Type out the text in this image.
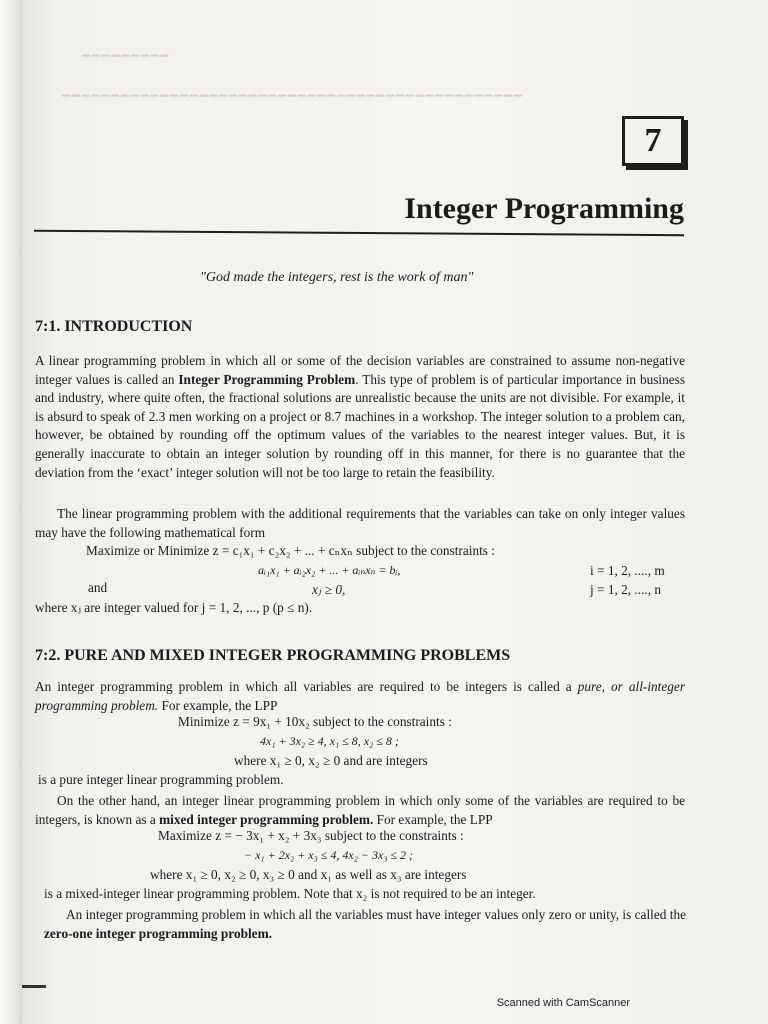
━━━━━━━━━
━━━━━━━━━━━━━━━━━━━━━━━━━━━━━━━━━━━━━━━━━━━━━━━
7
Integer Programming
"God made the integers, rest is the work of man"
7:1. INTRODUCTION

A linear programming problem in which all or some of the decision variables are constrained to assume non-negative integer values is called an Integer Programming Problem. This type of problem is of particular importance in business and industry, where quite often, the fractional solutions are unrealistic because the units are not divisible. For example, it is absurd to speak of 2.3 men working on a project or 8.7 machines in a workshop. The integer solution to a problem can, however, be obtained by rounding off the optimum values of the variables to the nearest integer values. But, it is generally inaccurate to obtain an integer solution by rounding off in this manner, for there is no guarantee that the deviation from the ‘exact’ integer solution will not be too large to retain the feasibility.

The linear programming problem with the additional requirements that the variables can take on only integer values may have the following mathematical form

Maximize or Minimize z = c₁x₁ + c₂x₂ + ... + cₙxₙ subject to the constraints :
aᵢ₁x₁ + aᵢ₂x₂ + ... + aᵢₙxₙ = bᵢ,	i = 1, 2, ...., m
and	xⱼ ≥ 0,	j = 1, 2, ...., n
where xⱼ are integer valued for j = 1, 2, ..., p (p ≤ n).
7:2. PURE AND MIXED INTEGER PROGRAMMING PROBLEMS

An integer programming problem in which all variables are required to be integers is called a pure, or all-integer programming problem. For example, the LPP

Minimize z = 9x₁ + 10x₂ subject to the constraints :
4x₁ + 3x₂ ≥ 4, x₁ ≤ 8, x₂ ≤ 8 ;
where x₁ ≥ 0, x₂ ≥ 0 and are integers
is a pure integer linear programming problem.

On the other hand, an integer linear programming problem in which only some of the variables are required to be integers, is known as a mixed integer programming problem. For example, the LPP

Maximize z = − 3x₁ + x₂ + 3x₃ subject to the constraints :
− x₁ + 2x₂ + x₃ ≤ 4, 4x₂ − 3x₃ ≤ 2 ;
where x₁ ≥ 0, x₂ ≥ 0, x₃ ≥ 0 and x₁ as well as x₃ are integers
is a mixed-integer linear programming problem. Note that x₂ is not required to be an integer.

An integer programming problem in which all the variables must have integer values only zero or unity, is called the zero-one integer programming problem.

Scanned with CamScanner
